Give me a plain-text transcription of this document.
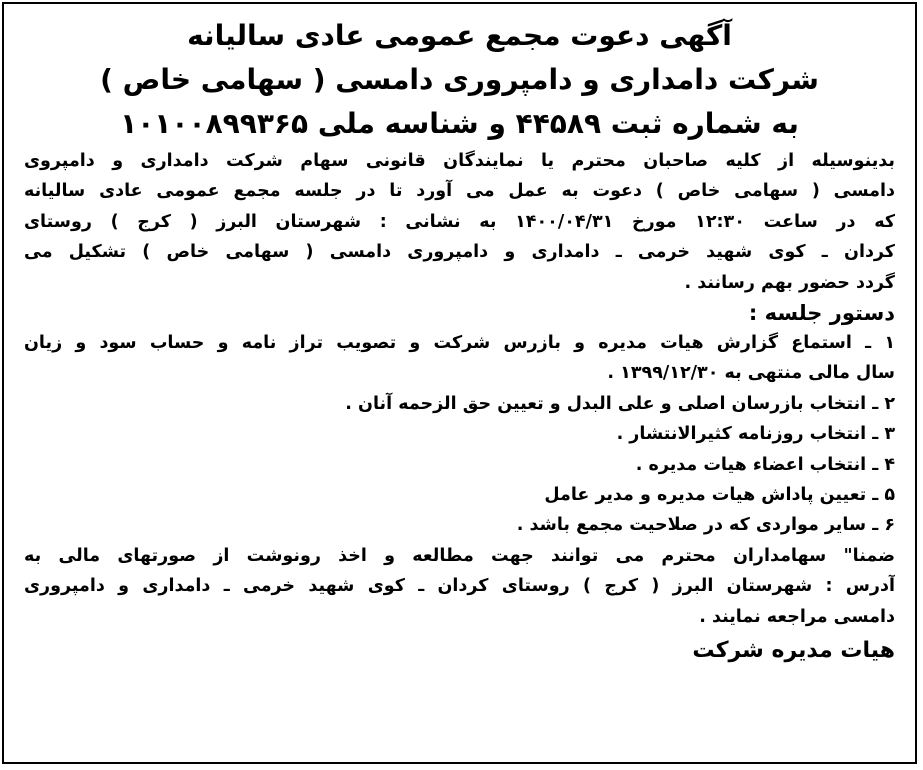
آگهی دعوت مجمع عمومی عادی سالیانه

شرکت دامداری و دامپروری دامسی ( سهامی خاص )

به شماره ثبت ۴۴۵۸۹ و شناسه ملی ۱۰۱۰۰۸۹۹۳۶۵

بدینوسیله از کلیه صاحبان محترم یا نمایندگان قانونی سهام شرکت دامداری و دامپروی
دامسی ( سهامی خاص ) دعوت به عمل می آورد تا در جلسه مجمع عمومی عادی سالیانه
که در ساعت ۱۲:۳۰ مورخ ۱۴۰۰/۰۴/۳۱ به نشانی : شهرستان البرز ( کرج ) روستای
کردان ـ کوی شهید خرمی ـ دامداری و دامپروری دامسی ( سهامی خاص ) تشکیل می
گردد حضور بهم رسانند .
دستور جلسه :
۱ ـ استماع گزارش هیات مدیره و بازرس شرکت و تصویب تراز نامه و حساب سود و زیان
سال مالی منتهی به ۱۳۹۹/۱۲/۳۰ .
۲ ـ انتخاب بازرسان اصلی و علی البدل و تعیین حق الزحمه آنان .
۳ ـ انتخاب روزنامه کثیرالانتشار .
۴ ـ انتخاب اعضاء هیات مدیره .
۵ ـ تعیین پاداش هیات مدیره و مدیر عامل
۶ ـ سایر مواردی که در صلاحیت مجمع باشد .
ضمنا" سهامداران محترم می توانند جهت مطالعه و اخذ رونوشت از صورتهای مالی به
آدرس : شهرستان البرز ( کرج ) روستای کردان ـ کوی شهید خرمی ـ دامداری و دامپروری
دامسی مراجعه نمایند .
هیات مدیره شرکت
